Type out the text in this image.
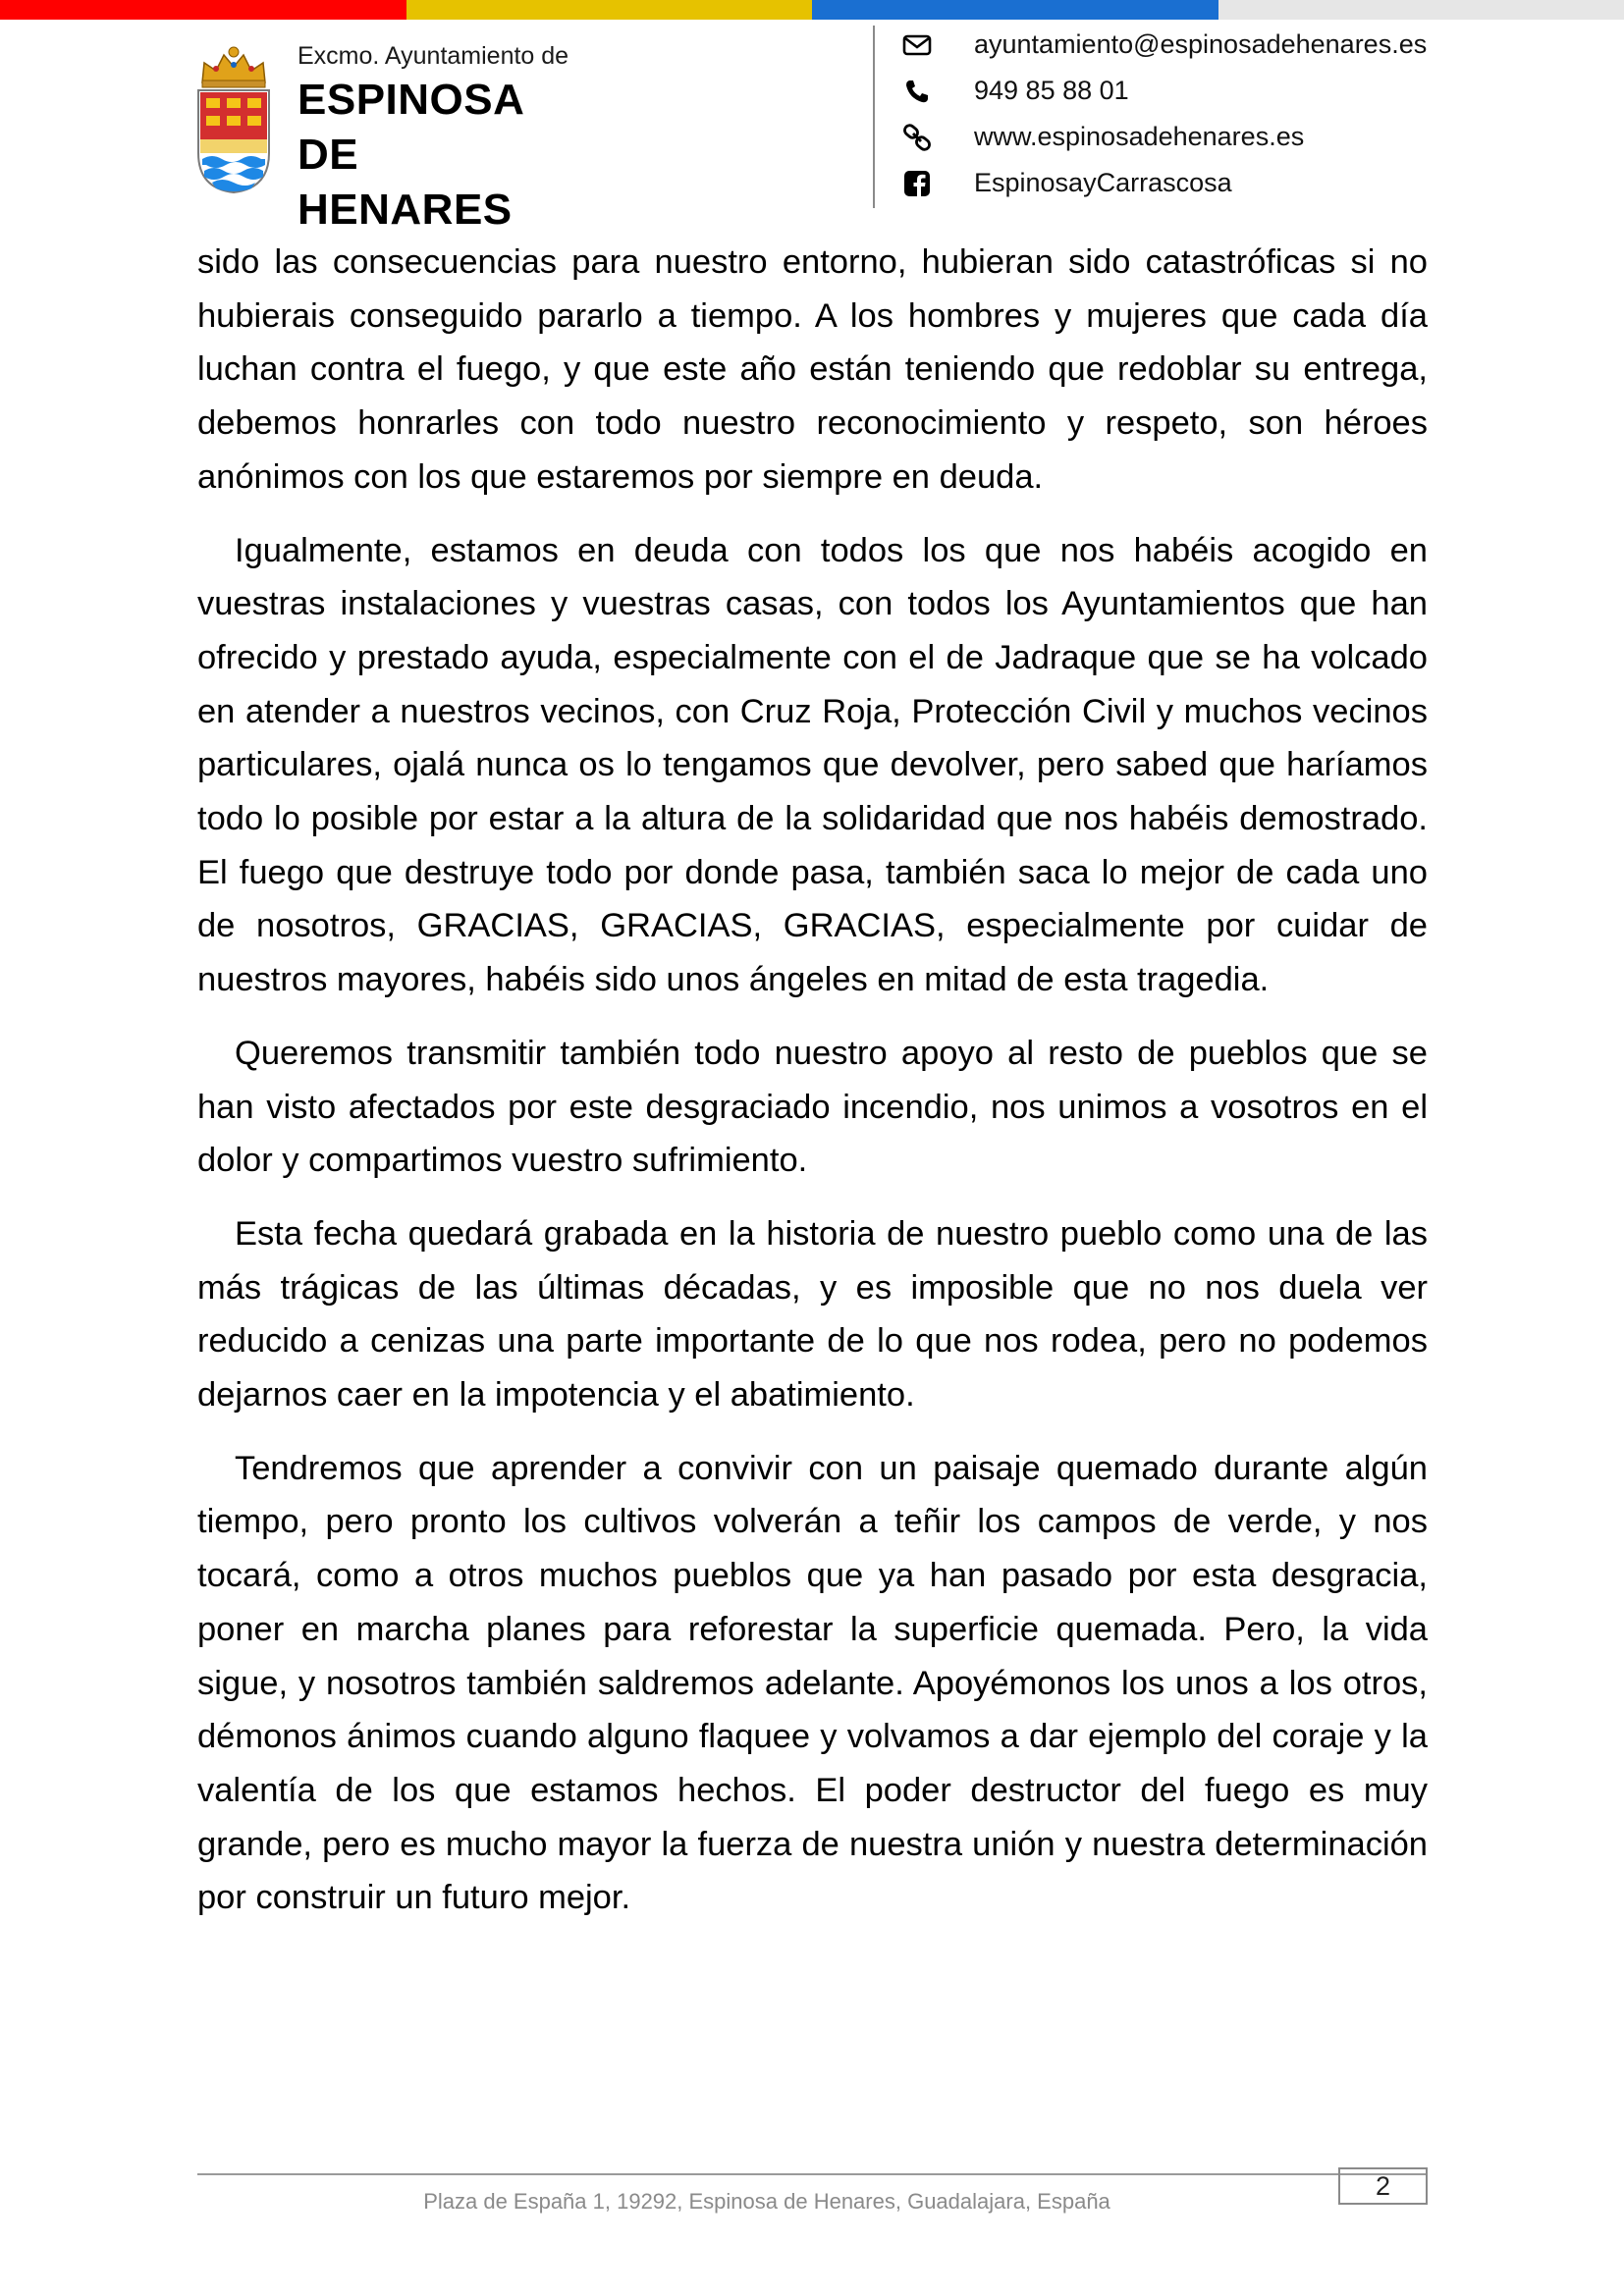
Excmo. Ayuntamiento de
ESPINOSA DE
HENARES
ayuntamiento@espinosadehenares.es
949 85 88 01
www.espinosadehenares.es
EspinosayCarrascosa

sido las consecuencias para nuestro entorno, hubieran sido catastróficas si no hubierais conseguido pararlo a tiempo. A los hombres y mujeres que cada día luchan contra el fuego, y que este año están teniendo que redoblar su entrega, debemos honrarles con todo nuestro reconocimiento y respeto, son héroes anónimos con los que estaremos por siempre en deuda.

Igualmente, estamos en deuda con todos los que nos habéis acogido en vuestras instalaciones y vuestras casas, con todos los Ayuntamientos que han ofrecido y prestado ayuda, especialmente con el de Jadraque que se ha volcado en atender a nuestros vecinos, con Cruz Roja, Protección Civil y muchos vecinos particulares, ojalá nunca os lo tengamos que devolver, pero sabed que haríamos todo lo posible por estar a la altura de la solidaridad que nos habéis demostrado. El fuego que destruye todo por donde pasa, también saca lo mejor de cada uno de nosotros, GRACIAS, GRACIAS, GRACIAS, especialmente por cuidar de nuestros mayores, habéis sido unos ángeles en mitad de esta tragedia.

Queremos transmitir también todo nuestro apoyo al resto de pueblos que se han visto afectados por este desgraciado incendio, nos unimos a vosotros en el dolor y compartimos vuestro sufrimiento.

Esta fecha quedará grabada en la historia de nuestro pueblo como una de las más trágicas de las últimas décadas, y es imposible que no nos duela ver reducido a cenizas una parte importante de lo que nos rodea, pero no podemos dejarnos caer en la impotencia y el abatimiento.

Tendremos que aprender a convivir con un paisaje quemado durante algún tiempo, pero pronto los cultivos volverán a teñir los campos de verde, y nos tocará, como a otros muchos pueblos que ya han pasado por esta desgracia, poner en marcha planes para reforestar la superficie quemada. Pero, la vida sigue, y nosotros también saldremos adelante. Apoyémonos los unos a los otros, démonos ánimos cuando alguno flaquee y volvamos a dar ejemplo del coraje y la valentía de los que estamos hechos. El poder destructor del fuego es muy grande, pero es mucho mayor la fuerza de nuestra unión y nuestra determinación por construir un futuro mejor.

Plaza de España 1, 19292, Espinosa de Henares, Guadalajara, España
2
